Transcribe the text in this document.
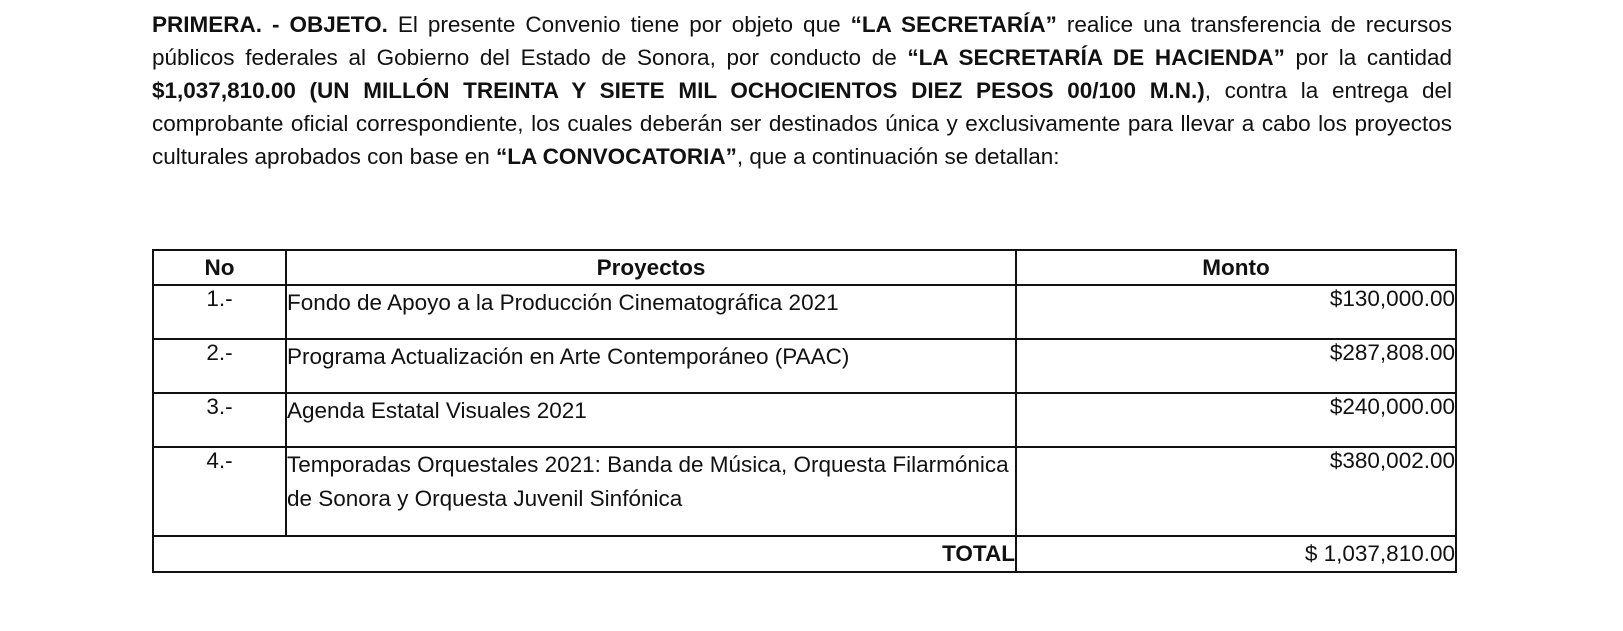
PRIMERA. - OBJETO. El presente Convenio tiene por objeto que “LA SECRETARÍA” realice una transferencia de recursos públicos federales al Gobierno del Estado de Sonora, por conducto de “LA SECRETARÍA DE HACIENDA” por la cantidad $1,037,810.00 (UN MILLÓN TREINTA Y SIETE MIL OCHOCIENTOS DIEZ PESOS 00/100 M.N.), contra la entrega del comprobante oficial correspondiente, los cuales deberán ser destinados única y exclusivamente para llevar a cabo los proyectos culturales aprobados con base en “LA CONVOCATORIA”, que a continuación se detallan:

No	Proyectos	Monto
1.-	Fondo de Apoyo a la Producción Cinematográfica 2021	$130,000.00
2.-	Programa Actualización en Arte Contemporáneo (PAAC)	$287,808.00
3.-	Agenda Estatal Visuales 2021	$240,000.00
4.-	Temporadas Orquestales 2021: Banda de Música, Orquesta Filarmónica de Sonora y Orquesta Juvenil Sinfónica	$380,002.00
TOTAL		$ 1,037,810.00
